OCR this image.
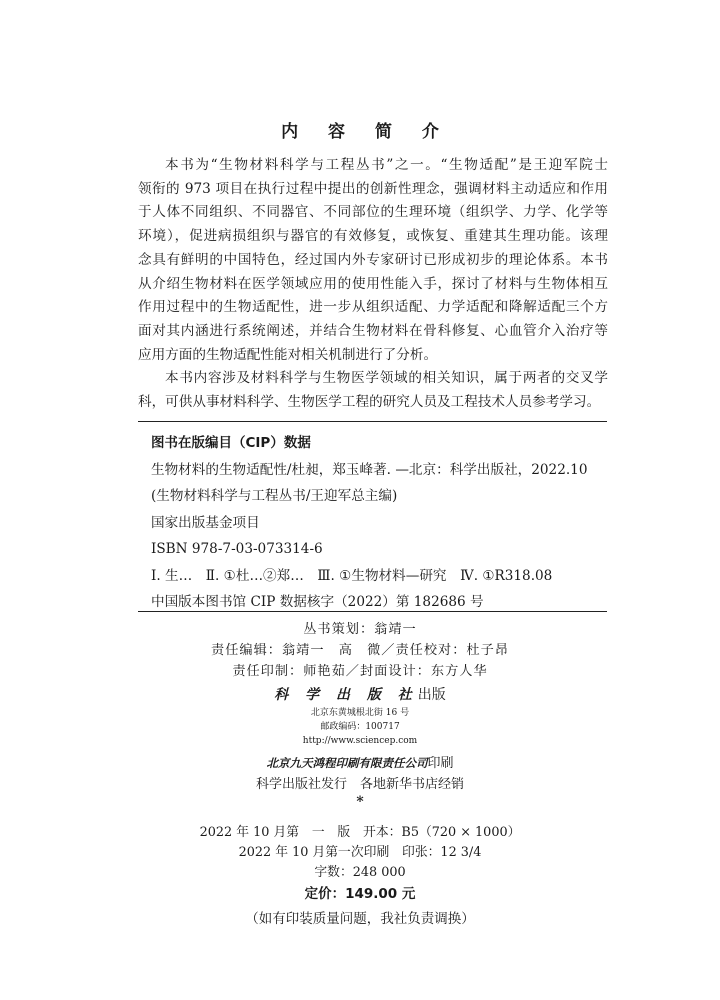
内 容 简 介

本书为“生物材料科学与工程丛书”之一。“生物适配”是王迎军院士

领衔的 973 项目在执行过程中提出的创新性理念，强调材料主动适应和作用

于人体不同组织、不同器官、不同部位的生理环境（组织学、力学、化学等

环境），促进病损组织与器官的有效修复，或恢复、重建其生理功能。该理

念具有鲜明的中国特色，经过国内外专家研讨已形成初步的理论体系。本书

从介绍生物材料在医学领域应用的使用性能入手，探讨了材料与生物体相互

作用过程中的生物适配性，进一步从组织适配、力学适配和降解适配三个方

面对其内涵进行系统阐述，并结合生物材料在骨科修复、心血管介入治疗等

应用方面的生物适配性能对相关机制进行了分析。

本书内容涉及材料科学与生物医学领域的相关知识，属于两者的交叉学

科，可供从事材料科学、生物医学工程的研究人员及工程技术人员参考学习。

图书在版编目（CIP）数据
生物材料的生物适配性/杜昶，郑玉峰著. —北京：科学出版社，2022.10
(生物材料科学与工程丛书/王迎军总主编)
国家出版基金项目
ISBN 978-7-03-073314-6
Ⅰ. 生…　Ⅱ. ①杜…②郑…　Ⅲ. ①生物材料—研究　Ⅳ. ①R318.08
中国版本图书馆 CIP 数据核字（2022）第 182686 号
丛书策划：翁靖一
责任编辑：翁靖一　高　微／责任校对：杜子昂
责任印制：师艳茹／封面设计：东方人华
科 学 出 版 社出版
北京东黄城根北街 16 号
邮政编码：100717
http://www.sciencep.com
北京九天鸿程印刷有限责任公司印刷
科学出版社发行　各地新华书店经销
*
2022 年 10 月第　一　版　开本：B5（720 × 1000）
2022 年 10 月第一次印刷　印张：12 3/4
字数：248 000
定价：149.00 元
（如有印装质量问题，我社负责调换）
